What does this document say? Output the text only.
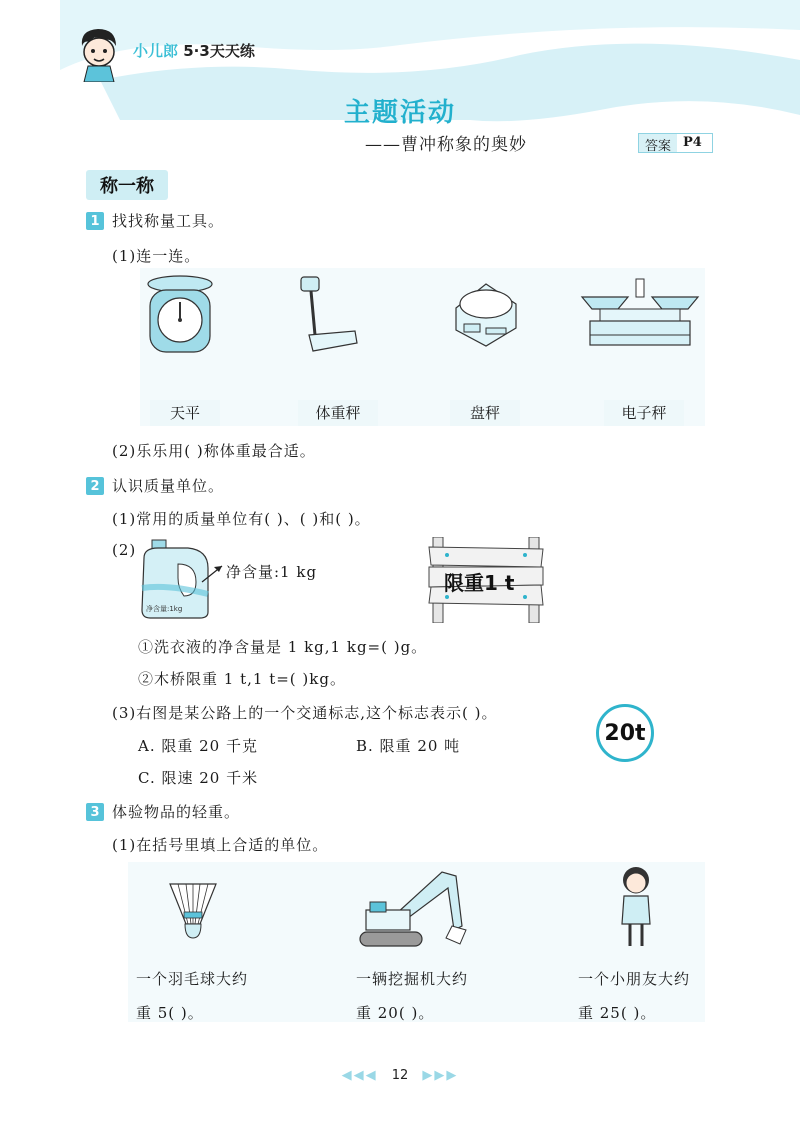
小儿郎 5·3天天练
主题活动
——曹冲称象的奥妙	答案 P4
称一称
1 找找称量工具。
(1)连一连。
天平	体重秤	盘秤	电子秤
(2)乐乐用( )称体重最合适。
2 认识质量单位。
(1)常用的质量单位有( )、( )和( )。
(2)
净含量:1kg
净含量:1 kg	限重1 t
①洗衣液的净含量是 1 kg,1 kg=( )g。
②木桥限重 1 t,1 t=( )kg。
(3)右图是某公路上的一个交通标志,这个标志表示( )。
20t
A. 限重 20 千克	B. 限重 20 吨
C. 限速 20 千米
3 体验物品的轻重。
(1)在括号里填上合适的单位。
一个羽毛球大约
重 5( )。
一辆挖掘机大约
重 20( )。
一个小朋友大约
重 25( )。
◀◀◀ 12 ▶▶▶
